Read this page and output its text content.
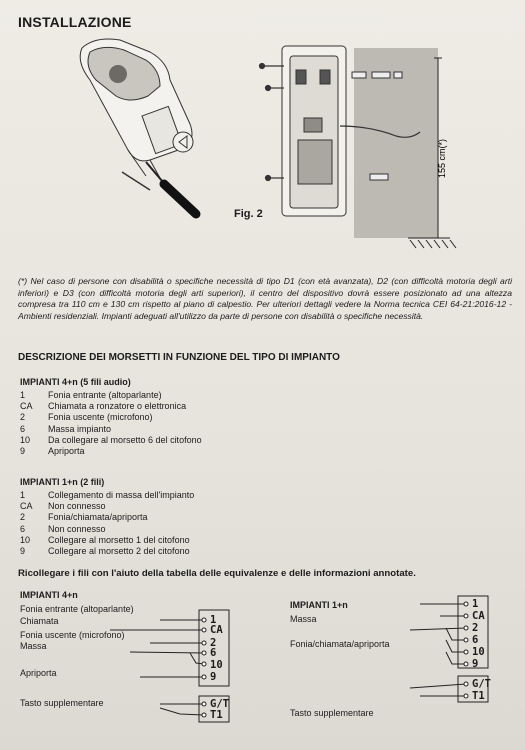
INSTALLAZIONE
155 cm(*)
Fig. 2
(*) Nel caso di persone con disabilità o specifiche necessità di tipo D1 (con età avanzata), D2 (con difficoltà motoria degli arti inferiori) e D3 (con difficoltà motoria degli arti superiori), il centro del dispositivo dovrà essere posizionato ad una altezza compresa tra 110 cm e 130 cm rispetto al piano di calpestio. Per ulteriori dettagli vedere la Norma tecnica CEI 64-21:2016-12 - Ambienti residenziali. Impianti adeguati all'utilizzo da parte di persone con disabilità o specifiche necessità.
DESCRIZIONE DEI MORSETTI IN FUNZIONE DEL TIPO DI IMPIANTO
IMPIANTI 4+n (5 fili audio)
1	Fonia entrante (altoparlante)
CA	Chiamata a ronzatore o elettronica
2	Fonia uscente (microfono)
6	Massa impianto
10	Da collegare al morsetto 6 del citofono
9	Apriporta
IMPIANTI 1+n (2 fili)
1	Collegamento di massa dell'impianto
CA	Non connesso
2	Fonia/chiamata/apriporta
6	Non connesso
10	Collegare al morsetto 1 del citofono
9	Collegare al morsetto 2 del citofono
Ricollegare i fili con l'aiuto della tabella delle equivalenze e delle informazioni annotate.
IMPIANTI 4+n
Fonia entrante (altoparlante)
Chiamata
Fonia uscente (microfono)
Massa
Apriporta
Tasto supplementare
1
CA
2
6
10
9
G/T
T1
IMPIANTI 1+n
Massa
Fonia/chiamata/apriporta
Tasto supplementare
1
CA
2
6
10
9
G/T
T1
